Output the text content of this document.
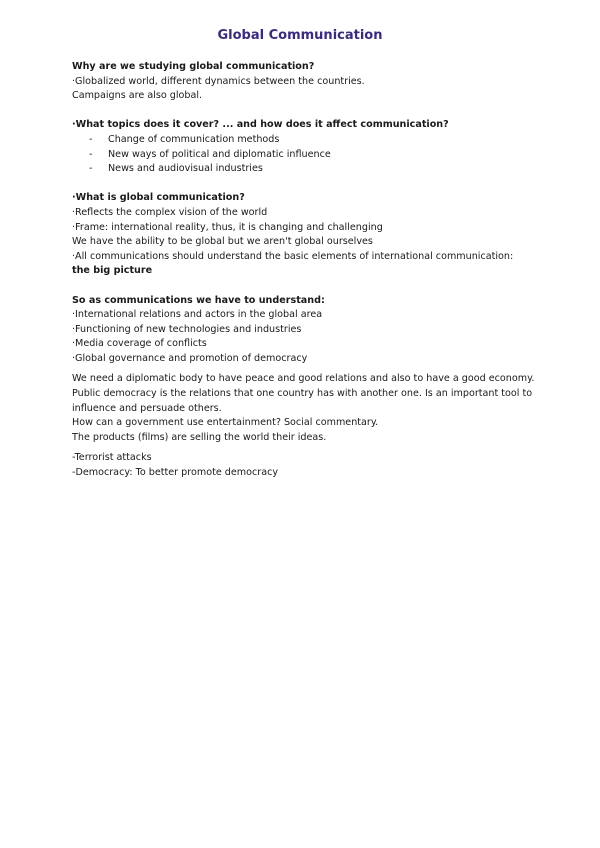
Global Communication
Why are we studying global communication?
·Globalized world, different dynamics between the countries.
Campaigns are also global.
·What topics does it cover? ... and how does it affect communication?
- Change of communication methods
- New ways of political and diplomatic influence
- News and audiovisual industries
·What is global communication?
·Reflects the complex vision of the world
·Frame: international reality, thus, it is changing and challenging
We have the ability to be global but we aren't global ourselves
·All communications should understand the basic elements of international communication:
the big picture
So as communications we have to understand:
·International relations and actors in the global area
·Functioning of new technologies and industries
·Media coverage of conflicts
·Global governance and promotion of democracy
We need a diplomatic body to have peace and good relations and also to have a good economy.
Public democracy is the relations that one country has with another one. Is an important tool to influence and persuade others.
How can a government use entertainment? Social commentary.
The products (films) are selling the world their ideas.
-Terrorist attacks
-Democracy: To better promote democracy
